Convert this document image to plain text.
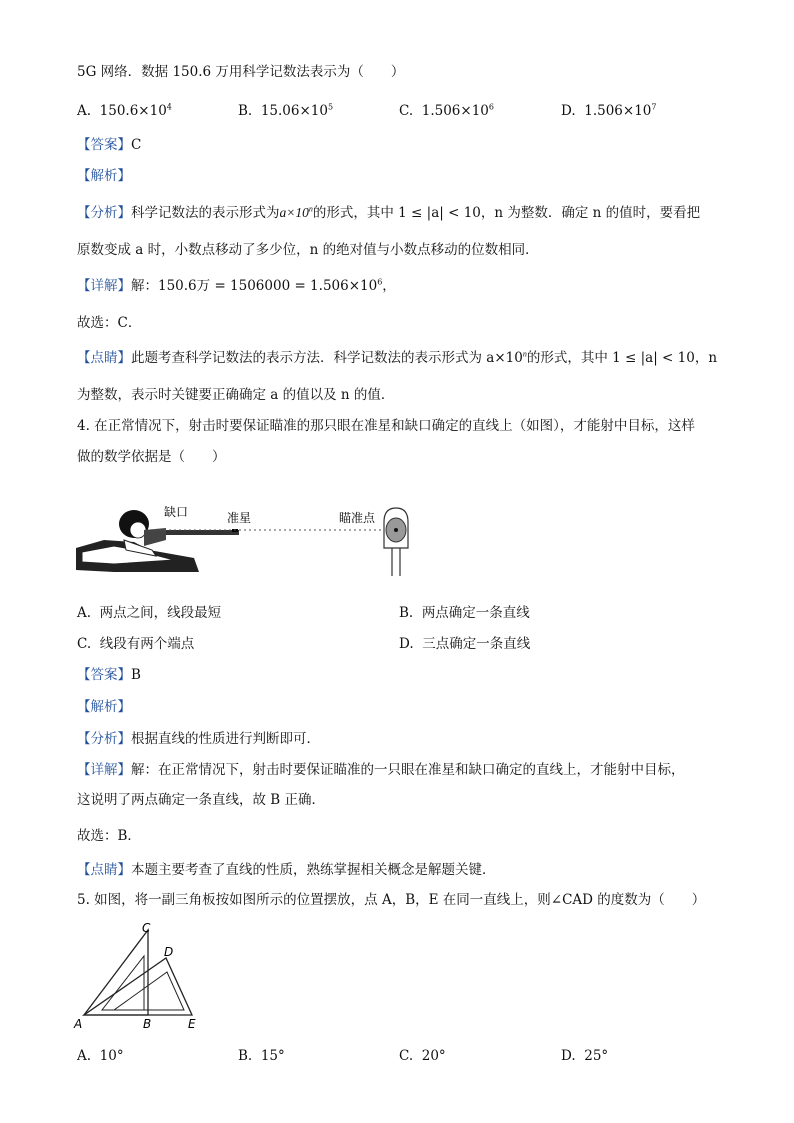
5G 网络．数据 150.6 万用科学记数法表示为（　　）
A. $150.6\times 10^4$	B. $15.06\times 10^5$	C. $1.506\times 10^6$	D. $1.506\times 10^7$
【答案】C
【解析】
【分析】科学记数法的表示形式为$a\times 10^n$的形式，其中 1 ≤ |a| < 10，n 为整数．确定 n 的值时，要看把
原数变成 a 时，小数点移动了多少位，n 的绝对值与小数点移动的位数相同．
【详解】解：150.6万 = $1506000 = 1.506\times 10^6$，
故选：C．
【点睛】此题考查科学记数法的表示方法．科学记数法的表示形式为 $a\times 10^n$的形式，其中 1 ≤ |a| < 10，n
为整数，表示时关键要正确确定 a 的值以及 n 的值．
4. 在正常情况下，射击时要保证瞄准的那只眼在准星和缺口确定的直线上（如图），才能射中目标，这样
做的数学依据是（　　）
缺口	准星	瞄准点
A. 两点之间，线段最短	B. 两点确定一条直线
C. 线段有两个端点	D. 三点确定一条直线
【答案】B
【解析】
【分析】根据直线的性质进行判断即可．
【详解】解：在正常情况下，射击时要保证瞄准的一只眼在准星和缺口确定的直线上，才能射中目标，
这说明了两点确定一条直线，故 B 正确．
故选：B．
【点睛】本题主要考查了直线的性质，熟练掌握相关概念是解题关键．
5. 如图，将一副三角板按如图所示的位置摆放，点 A，B，E 在同一直线上，则∠CAD 的度数为（　　）
A	B
C
D
E
A. 10°	B. 15°	C. 20°	D. 25°
